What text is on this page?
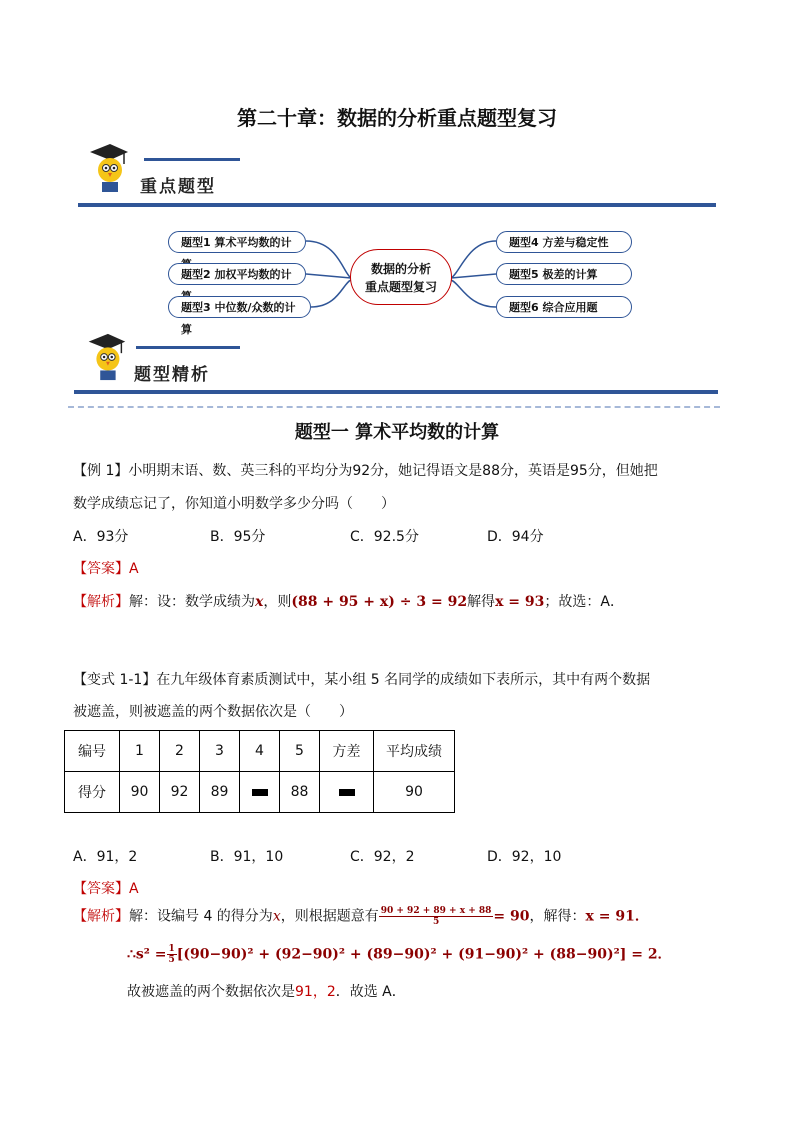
第二十章：数据的分析重点题型复习
重点题型
题型1 算术平均数的计
题型2 加权平均数的计
题型3 中位数/众数的计算
数据的分析
重点题型复习
题型4 方差与稳定性
题型5 极差的计算
题型6 综合应用题
题型精析
题型一 算术平均数的计算
【例 1】小明期末语、数、英三科的平均分为92分，她记得语文是88分，英语是95分，但她把
数学成绩忘记了，你知道小明数学多少分吗（　　）
A．93分	B．95分	C．92.5分	D．94分
【答案】A
【解析】解：设：数学成绩为x，则(88 + 95 + x) ÷ 3 = 92解得x = 93；故选：A．
【变式 1-1】在九年级体育素质测试中，某小组 5 名同学的成绩如下表所示，其中有两个数据
被遮盖，则被遮盖的两个数据依次是（　　）
编号	1	2	3	4	5	方差	平均成绩
得分	90	92	89		88		90
A．91，2	B．91，10	C．92，2	D．92，10
【答案】A
【解析】解：设编号 4 的得分为x，则根据题意有 $\frac{90 + 92 + 89 + x + 88}{5} = 90$，解得：x = 91．
∴s² = $\frac{1}{5} [(90-90)^2 + (92-90)^2 + (89-90)^2 + (91-90)^2 + (88-90)^2] = 2$．
故被遮盖的两个数据依次是91，2．故选 A．
